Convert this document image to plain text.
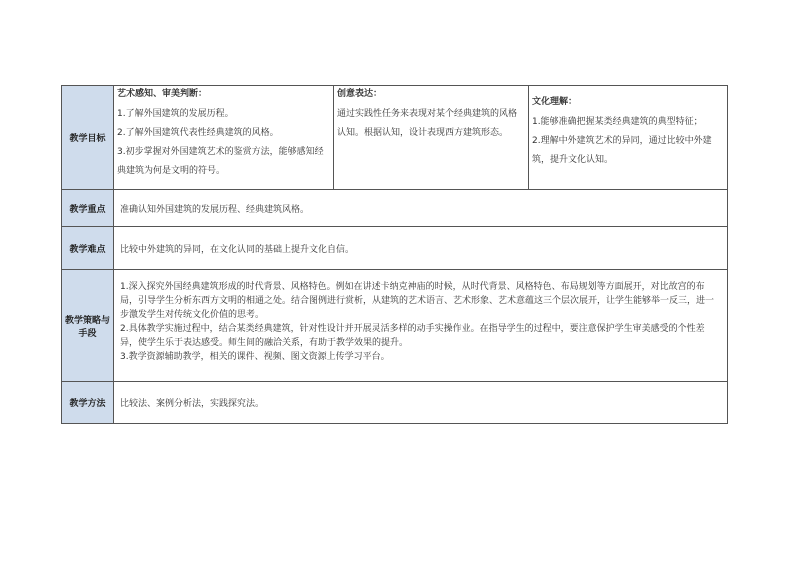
教学目标	艺术感知、审美判断：
1.了解外国建筑的发展历程。
2.了解外国建筑代表性经典建筑的风格。
3.初步掌握对外国建筑艺术的鉴赏方法，能够感知经典建筑为何是文明的符号。	创意表达：
通过实践性任务来表现对某个经典建筑的风格认知。根据认知，设计表现西方建筑形态。	文化理解：
1.能够准确把握某类经典建筑的典型特征；
2.理解中外建筑艺术的异同，通过比较中外建筑，提升文化认知。

教学重点	准确认知外国建筑的发展历程、经典建筑风格。		
教学难点	比较中外建筑的异同，在文化认同的基础上提升文化自信。		
教学策略与手段	1.深入探究外国经典建筑形成的时代背景、风格特色。例如在讲述卡纳克神庙的时候，从时代背景、风格特色、布局规划等方面展开，对比故宫的布局，引导学生分析东西方文明的相通之处。结合图例进行赏析，从建筑的艺术语言、艺术形象、艺术意蕴这三个层次展开，让学生能够举一反三，进一步激发学生对传统文化价值的思考。
2.具体教学实施过程中，结合某类经典建筑，针对性设计并开展灵活多样的动手实操作业。在指导学生的过程中，要注意保护学生审美感受的个性差异，使学生乐于表达感受。师生间的融洽关系，有助于教学效果的提升。
3.教学资源辅助教学，相关的课件、视频、图文资源上传学习平台。		

教学方法	比较法、案例分析法，实践探究法。		
